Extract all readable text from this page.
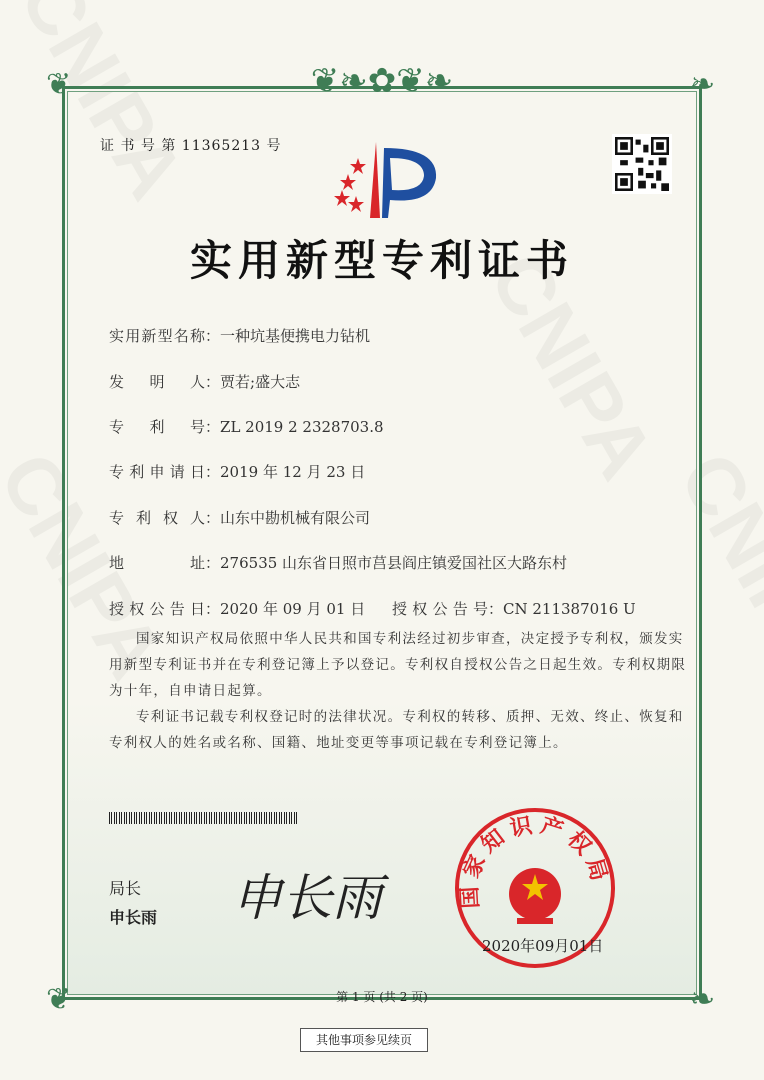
❦❧✿❦❧
❦	❧
❦	❧
证 书 号 第 11365213 号
实用新型专利证书
实用新型名称：一种坑基便携电力钻机
发明人：贾若;盛大志
专利号：ZL 2019 2 2328703.8
专利申请日：2019 年 12 月 23 日
专利权人：山东中勘机械有限公司
地址：276535 山东省日照市莒县阎庄镇爱国社区大路东村
授权公告日：2020 年 09 月 01 日 授权公告号：CN 211387016 U
国家知识产权局依照中华人民共和国专利法经过初步审查，决定授予专利权，颁发实用新型专利证书并在专利登记簿上予以登记。专利权自授权公告之日起生效。专利权期限为十年，自申请日起算。
专利证书记载专利权登记时的法律状况。专利权的转移、质押、无效、终止、恢复和专利权人的姓名或名称、国籍、地址变更等事项记载在专利登记簿上。
局长
申长雨 申长雨	国家知识产权局
2020年09月01日
第 1 页 (共 2 页)
其他事项参见续页
